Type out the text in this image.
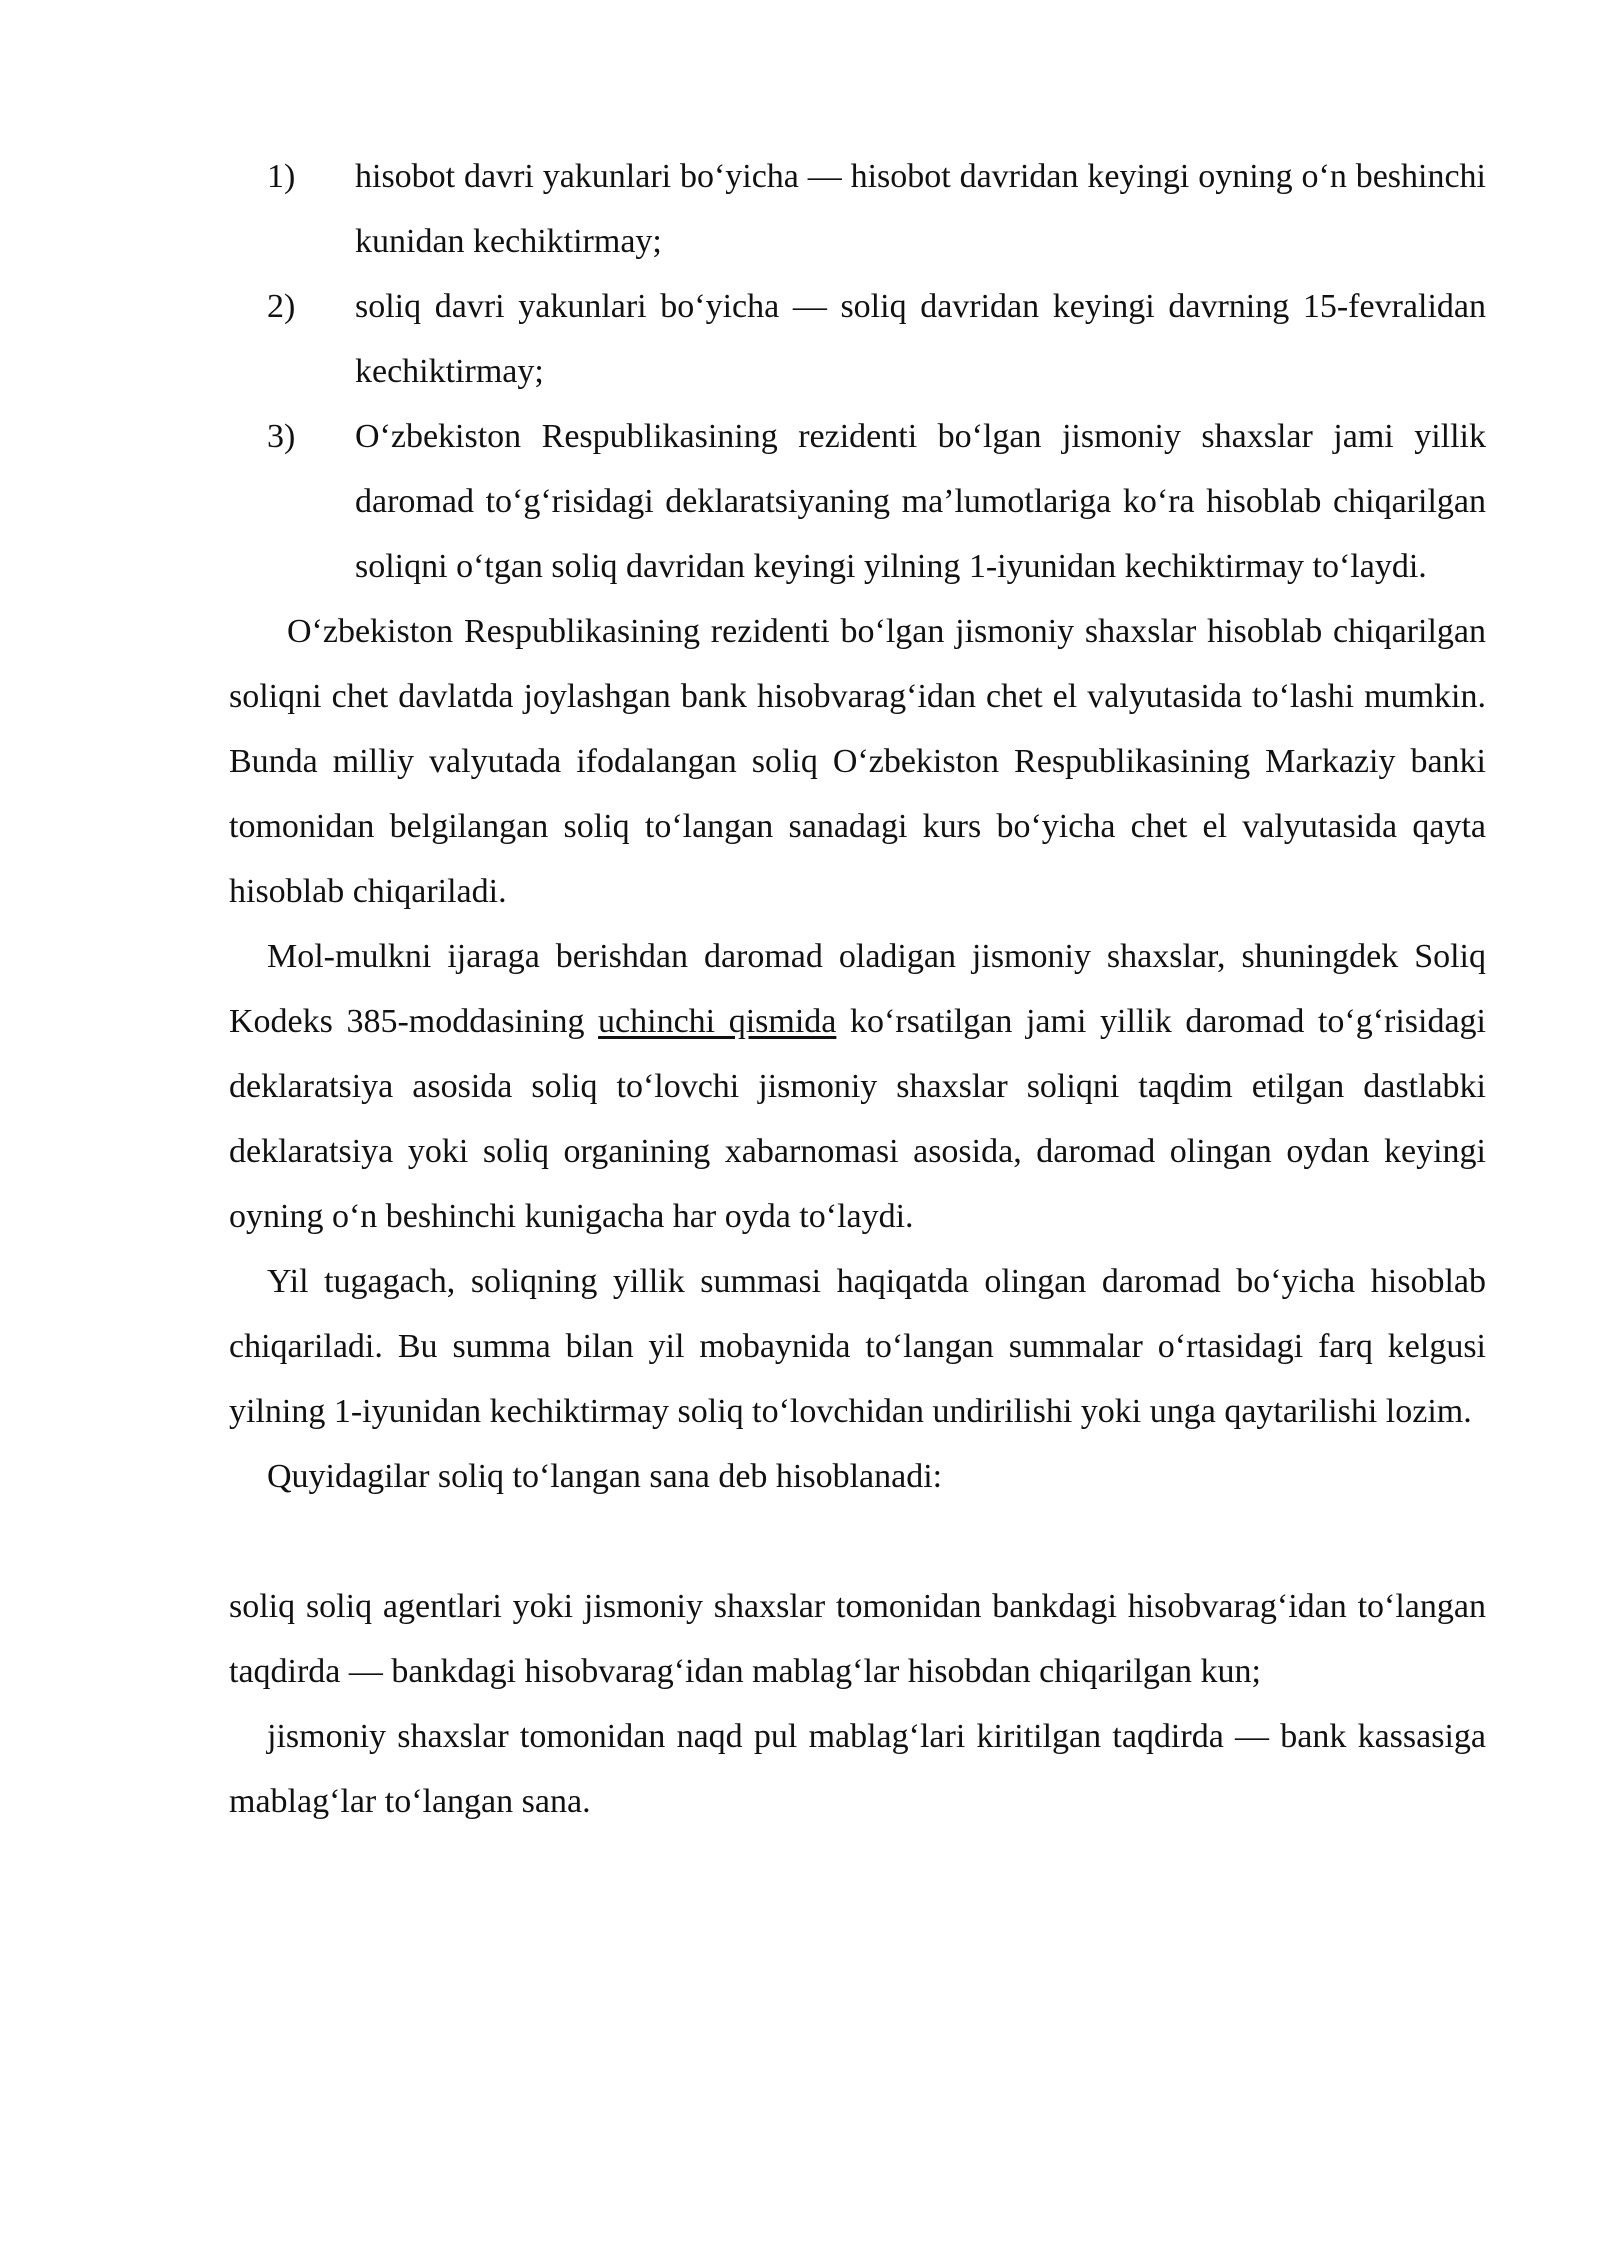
1) hisobot davri yakunlari bo‘yicha — hisobot davridan keyingi oyning o‘n beshinchi kunidan kechiktirmay;
2) soliq davri yakunlari bo‘yicha — soliq davridan keyingi davrning 15-fevralidan kechiktirmay;
3) O‘zbekiston Respublikasining rezidenti bo‘lgan jismoniy shaxslar jami yillik daromad to‘g‘risidagi deklaratsiyaning ma’lumotlariga ko‘ra hisoblab chiqarilgan soliqni o‘tgan soliq davridan keyingi yilning 1-iyunidan kechiktirmay to‘laydi.

O‘zbekiston Respublikasining rezidenti bo‘lgan jismoniy shaxslar hisoblab chiqarilgan soliqni chet davlatda joylashgan bank hisobvarag‘idan chet el valyutasida to‘lashi mumkin. Bunda milliy valyutada ifodalangan soliq O‘zbekiston Respublikasining Markaziy banki tomonidan belgilangan soliq to‘langan sanadagi kurs bo‘yicha chet el valyutasida qayta hisoblab chiqariladi.

Mol-mulkni ijaraga berishdan daromad oladigan jismoniy shaxslar, shuningdek Soliq Kodeks 385-moddasining uchinchi qismida ko‘rsatilgan jami yillik daromad to‘g‘risidagi deklaratsiya asosida soliq to‘lovchi jismoniy shaxslar soliqni taqdim etilgan dastlabki deklaratsiya yoki soliq organining xabarnomasi asosida, daromad olingan oydan keyingi oyning o‘n beshinchi kunigacha har oyda to‘laydi.

Yil tugagach, soliqning yillik summasi haqiqatda olingan daromad bo‘yicha hisoblab chiqariladi. Bu summa bilan yil mobaynida to‘langan summalar o‘rtasidagi farq kelgusi yilning 1-iyunidan kechiktirmay soliq to‘lovchidan undirilishi yoki unga qaytarilishi lozim.

Quyidagilar soliq to‘langan sana deb hisoblanadi:

soliq soliq agentlari yoki jismoniy shaxslar tomonidan bankdagi hisobvarag‘idan to‘langan taqdirda — bankdagi hisobvarag‘idan mablag‘lar hisobdan chiqarilgan kun;

jismoniy shaxslar tomonidan naqd pul mablag‘lari kiritilgan taqdirda — bank kassasiga mablag‘lar to‘langan sana.
